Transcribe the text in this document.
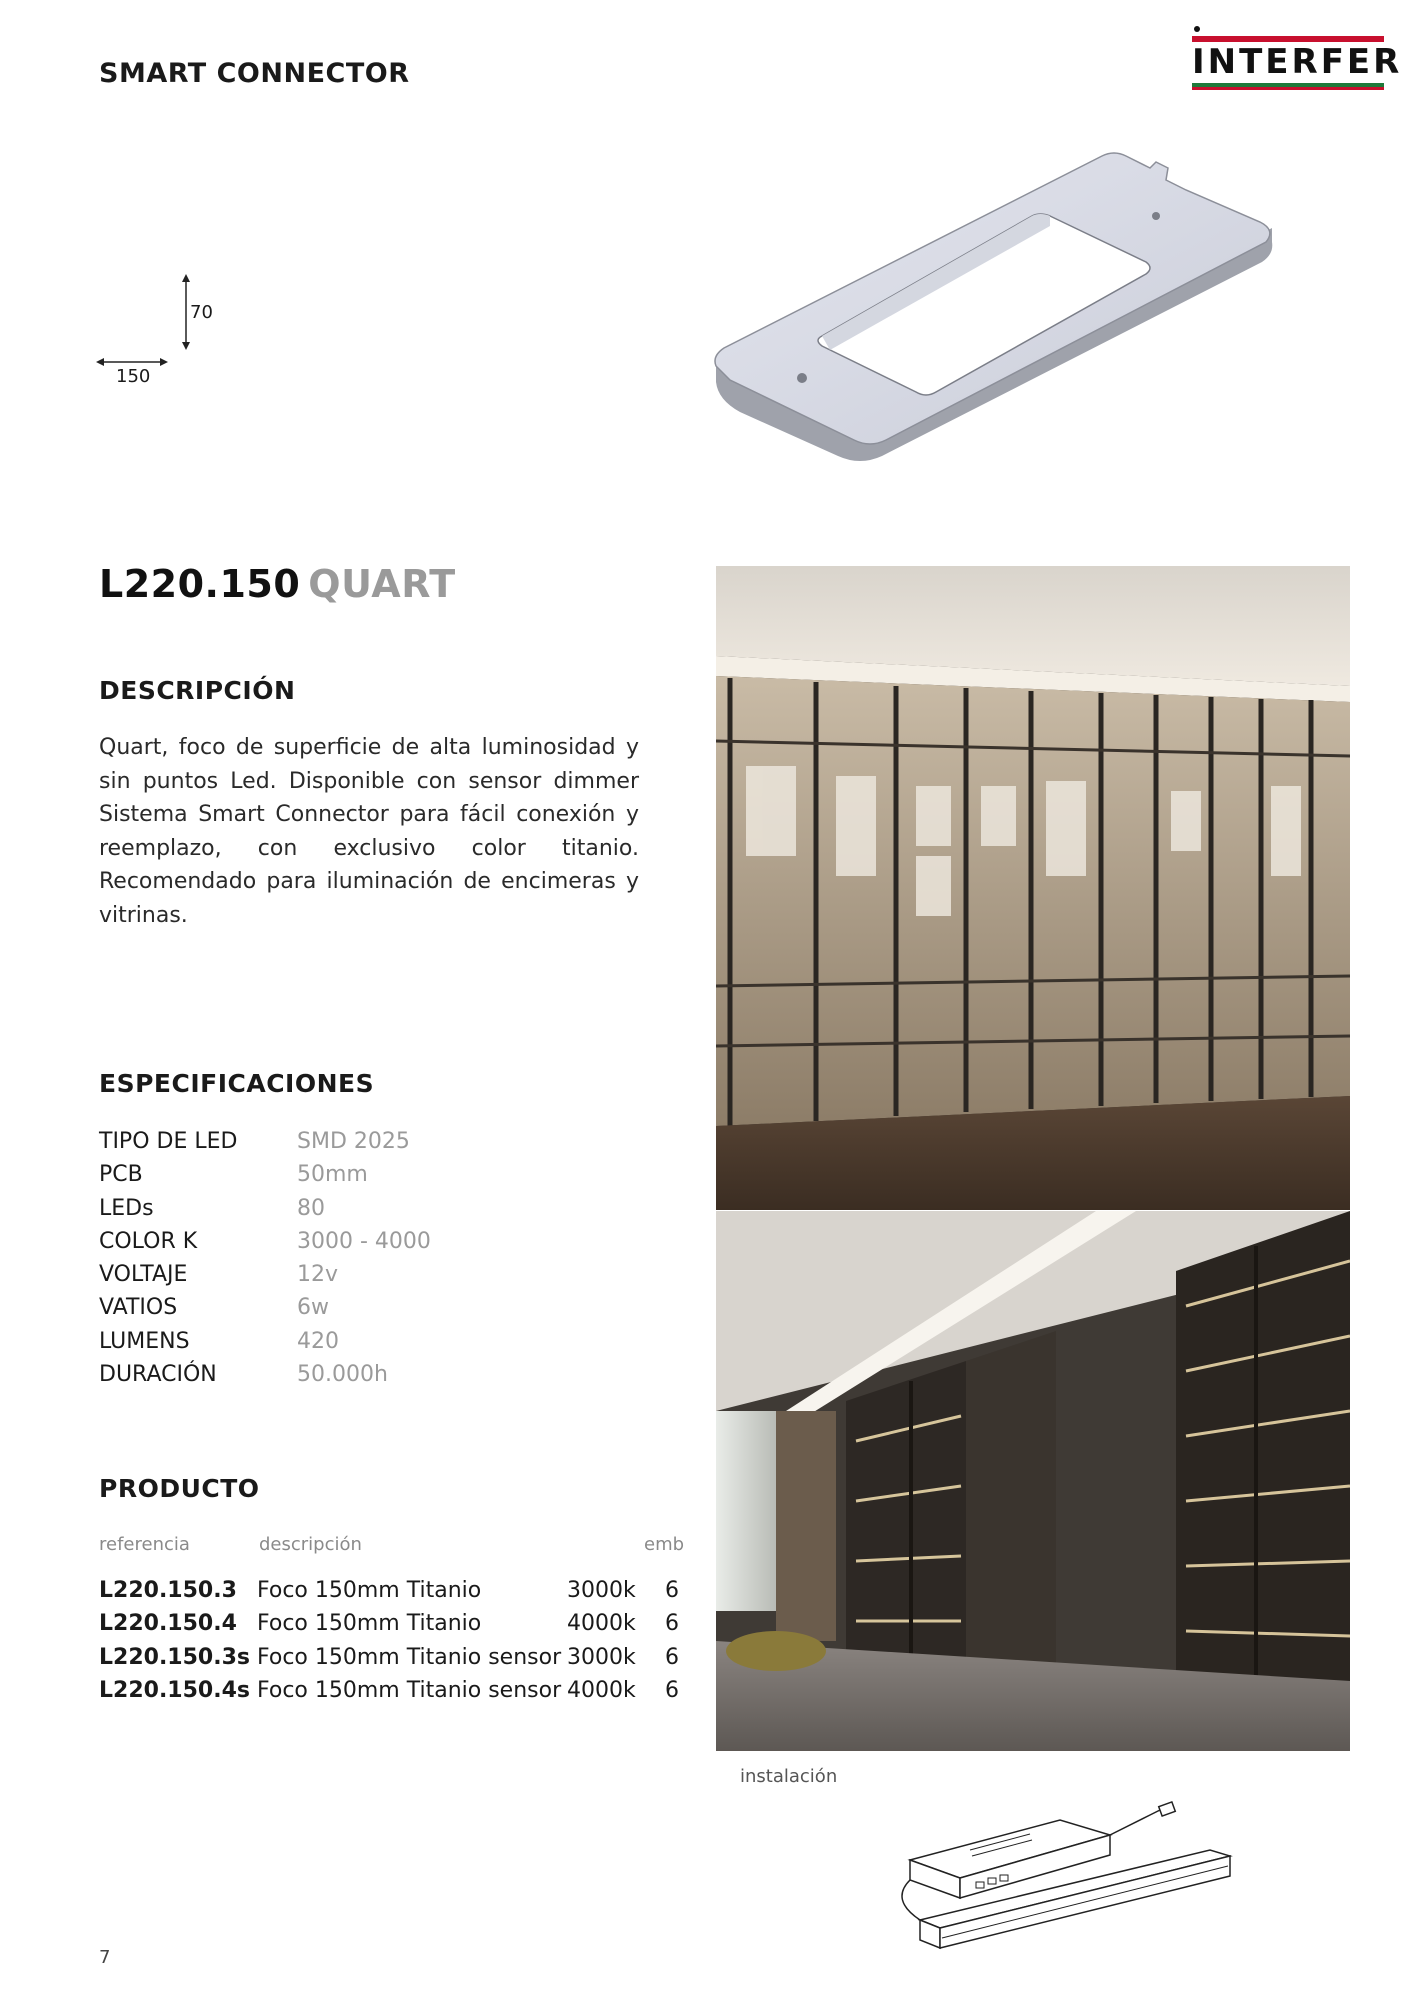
SMART CONNECTOR	INTERFER
70
150
L220.150 QUART
DESCRIPCIÓN

Quart, foco de superficie de alta luminosidad y sin puntos Led. Disponible con sensor dimmer Sistema Smart Connector para fácil conexión y reemplazo, con exclusivo color titanio. Recomendado para iluminación de encimeras y vitrinas.

ESPECIFICACIONES
TIPO DE LED	SMD 2025
PCB	50mm
LEDs	80
COLOR K	3000 - 4000
VOLTAJE	12v
VATIOS	6w
LUMENS	420
DURACIÓN	50.000h
PRODUCTO
referencia	descripción	emb
L220.150.3 Foco 150mm Titanio	3000k 6
L220.150.4 Foco 150mm Titanio	4000k 6
L220.150.3s Foco 150mm Titanio sensor 3000k 6
L220.150.4s Foco 150mm Titanio sensor 4000k 6
instalación
7
